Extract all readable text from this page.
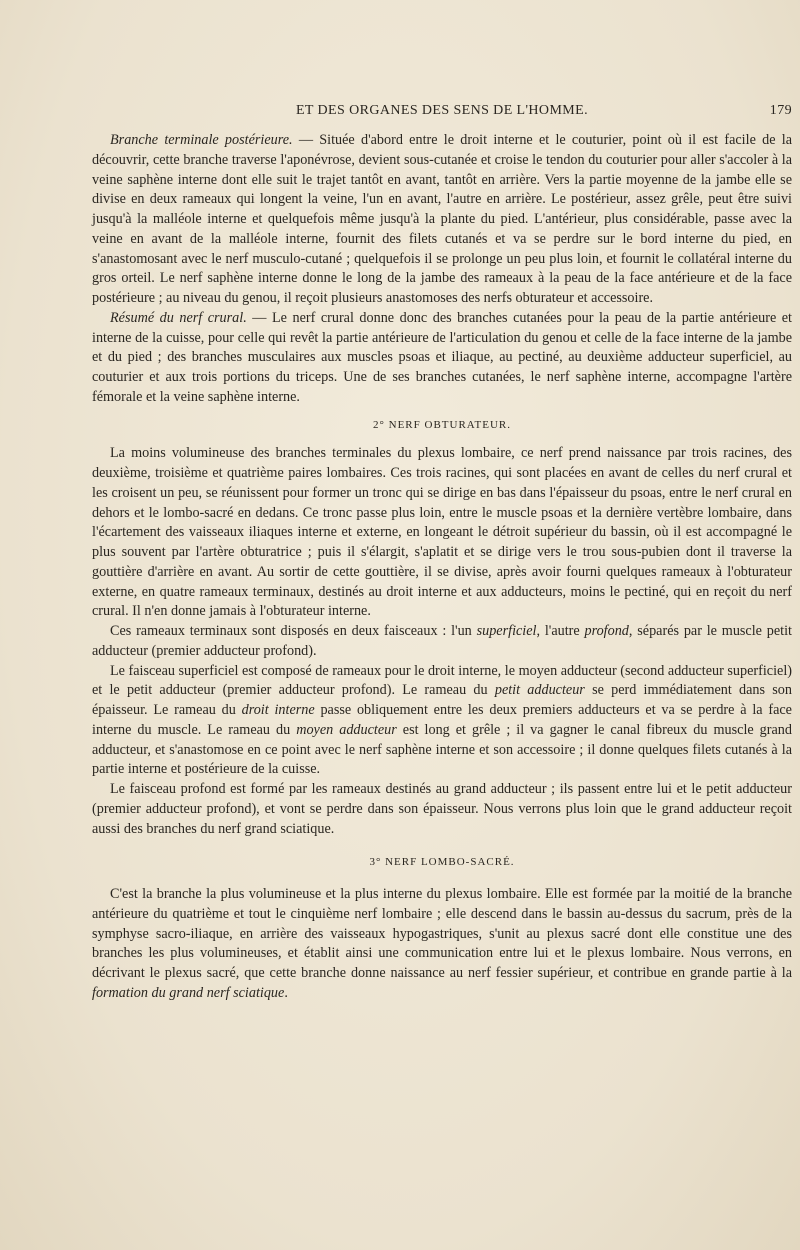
ET DES ORGANES DES SENS DE L'HOMME.	179

Branche terminale postérieure. — Située d'abord entre le droit interne et le couturier, point où il est facile de la découvrir, cette branche traverse l'aponévrose, devient sous-cutanée et croise le tendon du couturier pour aller s'accoler à la veine saphène interne dont elle suit le trajet tantôt en avant, tantôt en arrière. Vers la partie moyenne de la jambe elle se divise en deux rameaux qui longent la veine, l'un en avant, l'autre en arrière. Le postérieur, assez grêle, peut être suivi jusqu'à la malléole interne et quelquefois même jusqu'à la plante du pied. L'antérieur, plus considérable, passe avec la veine en avant de la malléole interne, fournit des filets cutanés et va se perdre sur le bord interne du pied, en s'anastomosant avec le nerf musculo-cutané ; quelquefois il se prolonge un peu plus loin, et fournit le collatéral interne du gros orteil. Le nerf saphène interne donne le long de la jambe des rameaux à la peau de la face antérieure et de la face postérieure ; au niveau du genou, il reçoit plusieurs anastomoses des nerfs obturateur et accessoire.

Résumé du nerf crural. — Le nerf crural donne donc des branches cutanées pour la peau de la partie antérieure et interne de la cuisse, pour celle qui revêt la partie antérieure de l'articulation du genou et celle de la face interne de la jambe et du pied ; des branches musculaires aux muscles psoas et iliaque, au pectiné, au deuxième adducteur superficiel, au couturier et aux trois portions du triceps. Une de ses branches cutanées, le nerf saphène interne, accompagne l'artère fémorale et la veine saphène interne.

2° NERF OBTURATEUR.

La moins volumineuse des branches terminales du plexus lombaire, ce nerf prend naissance par trois racines, des deuxième, troisième et quatrième paires lombaires. Ces trois racines, qui sont placées en avant de celles du nerf crural et les croisent un peu, se réunissent pour former un tronc qui se dirige en bas dans l'épaisseur du psoas, entre le nerf crural en dehors et le lombo-sacré en dedans. Ce tronc passe plus loin, entre le muscle psoas et la dernière vertèbre lombaire, dans l'écartement des vaisseaux iliaques interne et externe, en longeant le détroit supérieur du bassin, où il est accompagné le plus souvent par l'artère obturatrice ; puis il s'élargit, s'aplatit et se dirige vers le trou sous-pubien dont il traverse la gouttière d'arrière en avant. Au sortir de cette gouttière, il se divise, après avoir fourni quelques rameaux à l'obturateur externe, en quatre rameaux terminaux, destinés au droit interne et aux adducteurs, moins le pectiné, qui en reçoit du nerf crural. Il n'en donne jamais à l'obturateur interne.

Ces rameaux terminaux sont disposés en deux faisceaux : l'un superficiel, l'autre profond, séparés par le muscle petit adducteur (premier adducteur profond).

Le faisceau superficiel est composé de rameaux pour le droit interne, le moyen adducteur (second adducteur superficiel) et le petit adducteur (premier adducteur profond). Le rameau du petit adducteur se perd immédiatement dans son épaisseur. Le rameau du droit interne passe obliquement entre les deux premiers adducteurs et va se perdre à la face interne du muscle. Le rameau du moyen adducteur est long et grêle ; il va gagner le canal fibreux du muscle grand adducteur, et s'anastomose en ce point avec le nerf saphène interne et son accessoire ; il donne quelques filets cutanés à la partie interne et postérieure de la cuisse.

Le faisceau profond est formé par les rameaux destinés au grand adducteur ; ils passent entre lui et le petit adducteur (premier adducteur profond), et vont se perdre dans son épaisseur. Nous verrons plus loin que le grand adducteur reçoit aussi des branches du nerf grand sciatique.

3° NERF LOMBO-SACRÉ.

C'est la branche la plus volumineuse et la plus interne du plexus lombaire. Elle est formée par la moitié de la branche antérieure du quatrième et tout le cinquième nerf lombaire ; elle descend dans le bassin au-dessus du sacrum, près de la symphyse sacro-iliaque, en arrière des vaisseaux hypogastriques, s'unit au plexus sacré dont elle constitue une des branches les plus volumineuses, et établit ainsi une communication entre lui et le plexus lombaire. Nous verrons, en décrivant le plexus sacré, que cette branche donne naissance au nerf fessier supérieur, et contribue en grande partie à la formation du grand nerf sciatique.
